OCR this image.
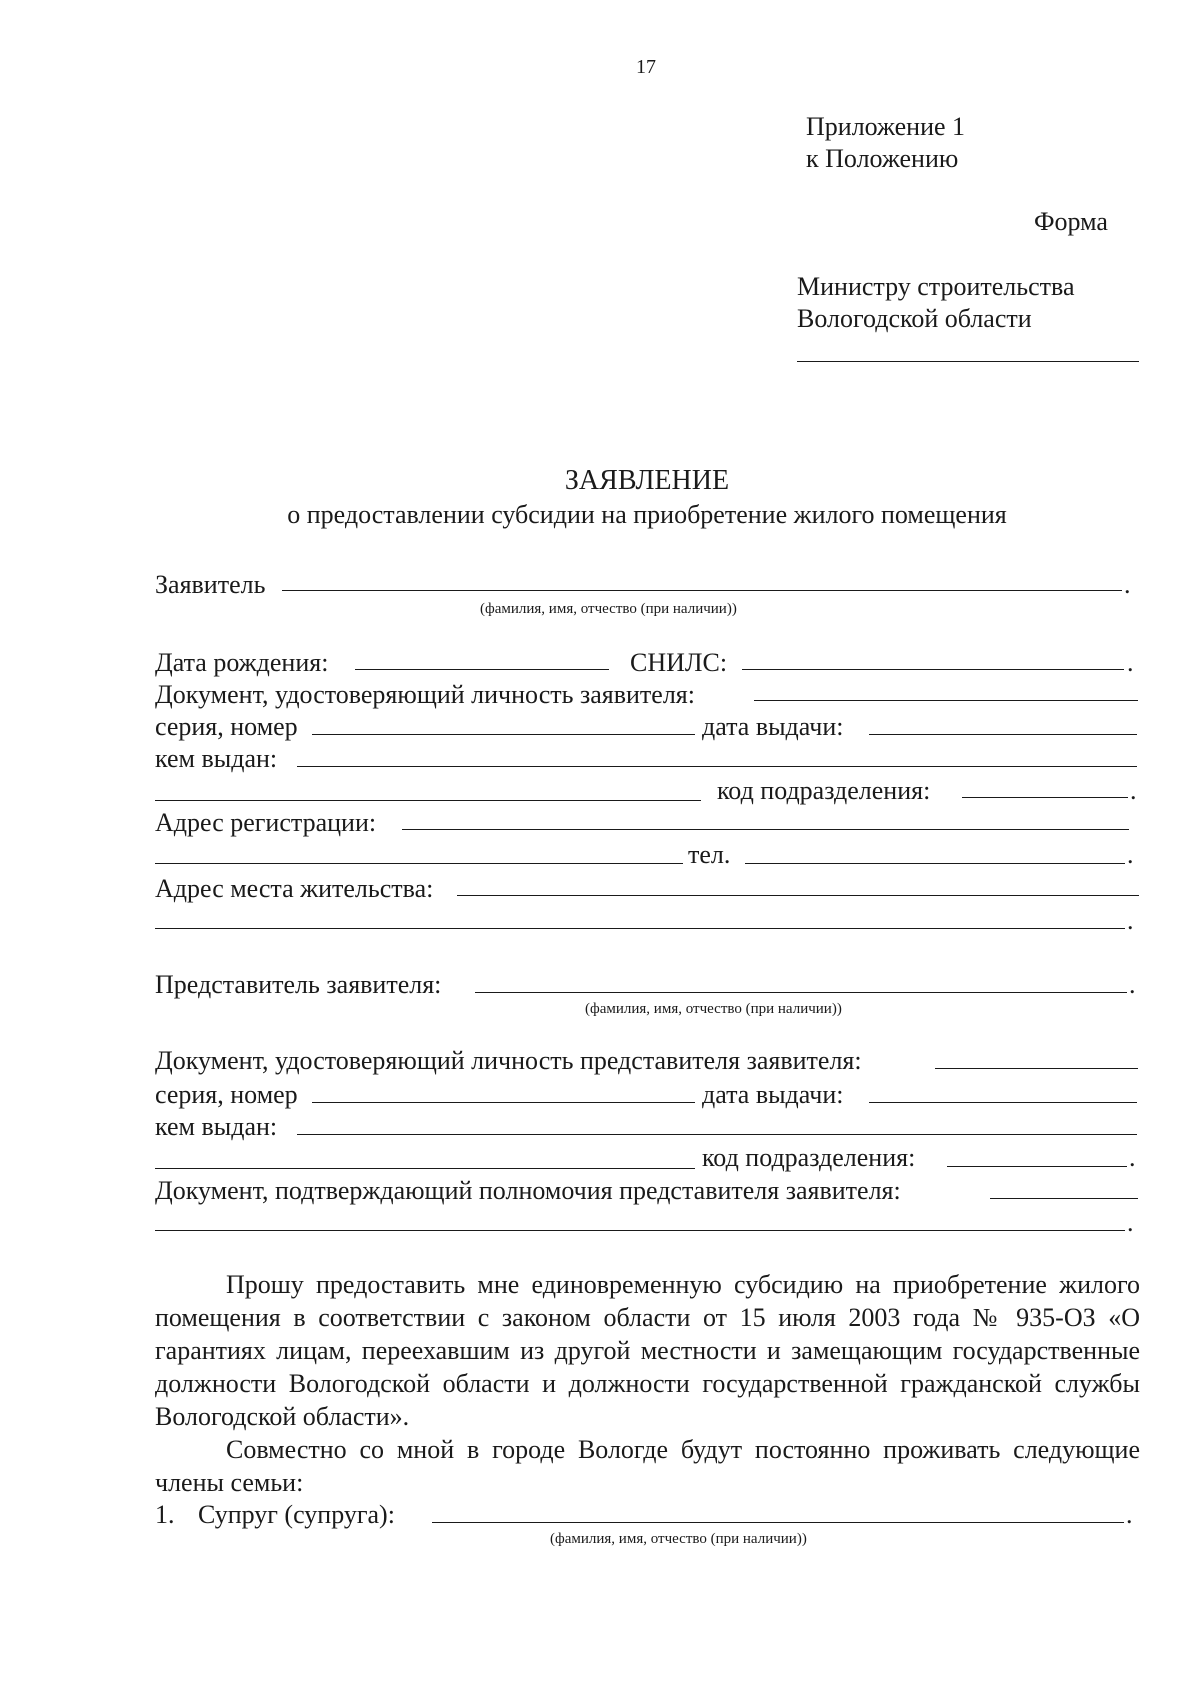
17
Приложение 1
к Положению
Форма
Министру строительства
Вологодской области
ЗАЯВЛЕНИЕ
о предоставлении субсидии на приобретение жилого помещения
Заявитель	.
(фамилия, имя, отчество (при наличии))
Дата рождения:	СНИЛС:	.
Документ, удостоверяющий личность заявителя:
серия, номер	дата выдачи:
кем выдан:
код подразделения:	.
Адрес регистрации:
тел.	.
Адрес места жительства:
.
Представитель заявителя:	.
(фамилия, имя, отчество (при наличии))
Документ, удостоверяющий личность представителя заявителя:
серия, номер	дата выдачи:
кем выдан:
код подразделения:	.
Документ, подтверждающий полномочия представителя заявителя:
.

Прошу предоставить мне единовременную субсидию на приобретение жилого помещения в соответствии с законом области от 15 июля 2003 года № 935-ОЗ «О гарантиях лицам, переехавшим из другой местности и замещающим государственные должности Вологодской области и должности государственной гражданской службы Вологодской области».

Совместно со мной в городе Вологде будут постоянно проживать следующие члены семьи:

1. Супруг (супруга):	.
(фамилия, имя, отчество (при наличии))
